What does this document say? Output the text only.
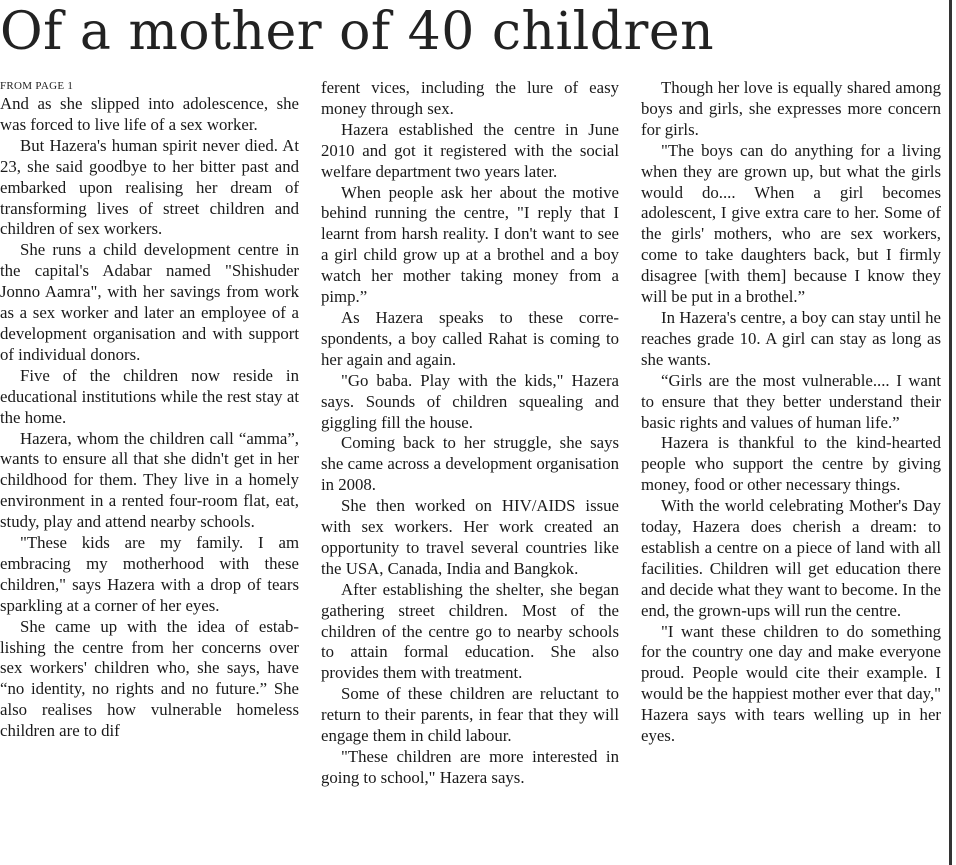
Of a mother of 40 children
FROM PAGE 1

And as she slipped into adolescence, she was forced to live life of a sex worker.

But Hazera's human spirit never died. At 23, she said goodbye to her bitter past and embarked upon realising her dream of transforming lives of street children and children of sex workers.

She runs a child development centre in the capital's Adabar named "Shishuder Jonno Aamra", with her savings from work as a sex worker and later an employee of a development organisation and with support of individual donors.

Five of the children now reside in educational institutions while the rest stay at the home.

Hazera, whom the children call “amma”, wants to ensure all that she didn't get in her childhood for them. They live in a homely environment in a rented four-room flat, eat, study, play and attend nearby schools.

"These kids are my family. I am embracing my motherhood with these children," says Hazera with a drop of tears sparkling at a corner of her eyes.

She came up with the idea of establishing the centre from her concerns over sex workers' children who, she says, have “no identity, no rights and no future.” She also realises how vulnerable homeless children are to dif

ferent vices, including the lure of easy money through sex.

Hazera established the centre in June 2010 and got it registered with the social welfare department two years later.

When people ask her about the motive behind running the centre, "I reply that I learnt from harsh reality. I don't want to see a girl child grow up at a brothel and a boy watch her mother taking money from a pimp.”

As Hazera speaks to these correspondents, a boy called Rahat is coming to her again and again.

"Go baba. Play with the kids," Hazera says. Sounds of children squealing and giggling fill the house.

Coming back to her struggle, she says she came across a development organisation in 2008.

She then worked on HIV/AIDS issue with sex workers. Her work created an opportunity to travel several countries like the USA, Canada, India and Bangkok.

After establishing the shelter, she began gathering street children. Most of the children of the centre go to nearby schools to attain formal education. She also provides them with treatment.

Some of these children are reluctant to return to their parents, in fear that they will engage them in child labour.

"These children are more interested in going to school," Hazera says.

Though her love is equally shared among boys and girls, she expresses more concern for girls.

"The boys can do anything for a living when they are grown up, but what the girls would do.... When a girl becomes adolescent, I give extra care to her. Some of the girls' mothers, who are sex workers, come to take daughters back, but I firmly disagree [with them] because I know they will be put in a brothel.”

In Hazera's centre, a boy can stay until he reaches grade 10. A girl can stay as long as she wants.

“Girls are the most vulnerable.... I want to ensure that they better understand their basic rights and values of human life.”

Hazera is thankful to the kind-hearted people who support the centre by giving money, food or other necessary things.

With the world celebrating Mother's Day today, Hazera does cherish a dream: to establish a centre on a piece of land with all facilities. Children will get education there and decide what they want to become. In the end, the grown-ups will run the centre.

"I want these children to do something for the country one day and make everyone proud. People would cite their example. I would be the happiest mother ever that day," Hazera says with tears welling up in her eyes.
